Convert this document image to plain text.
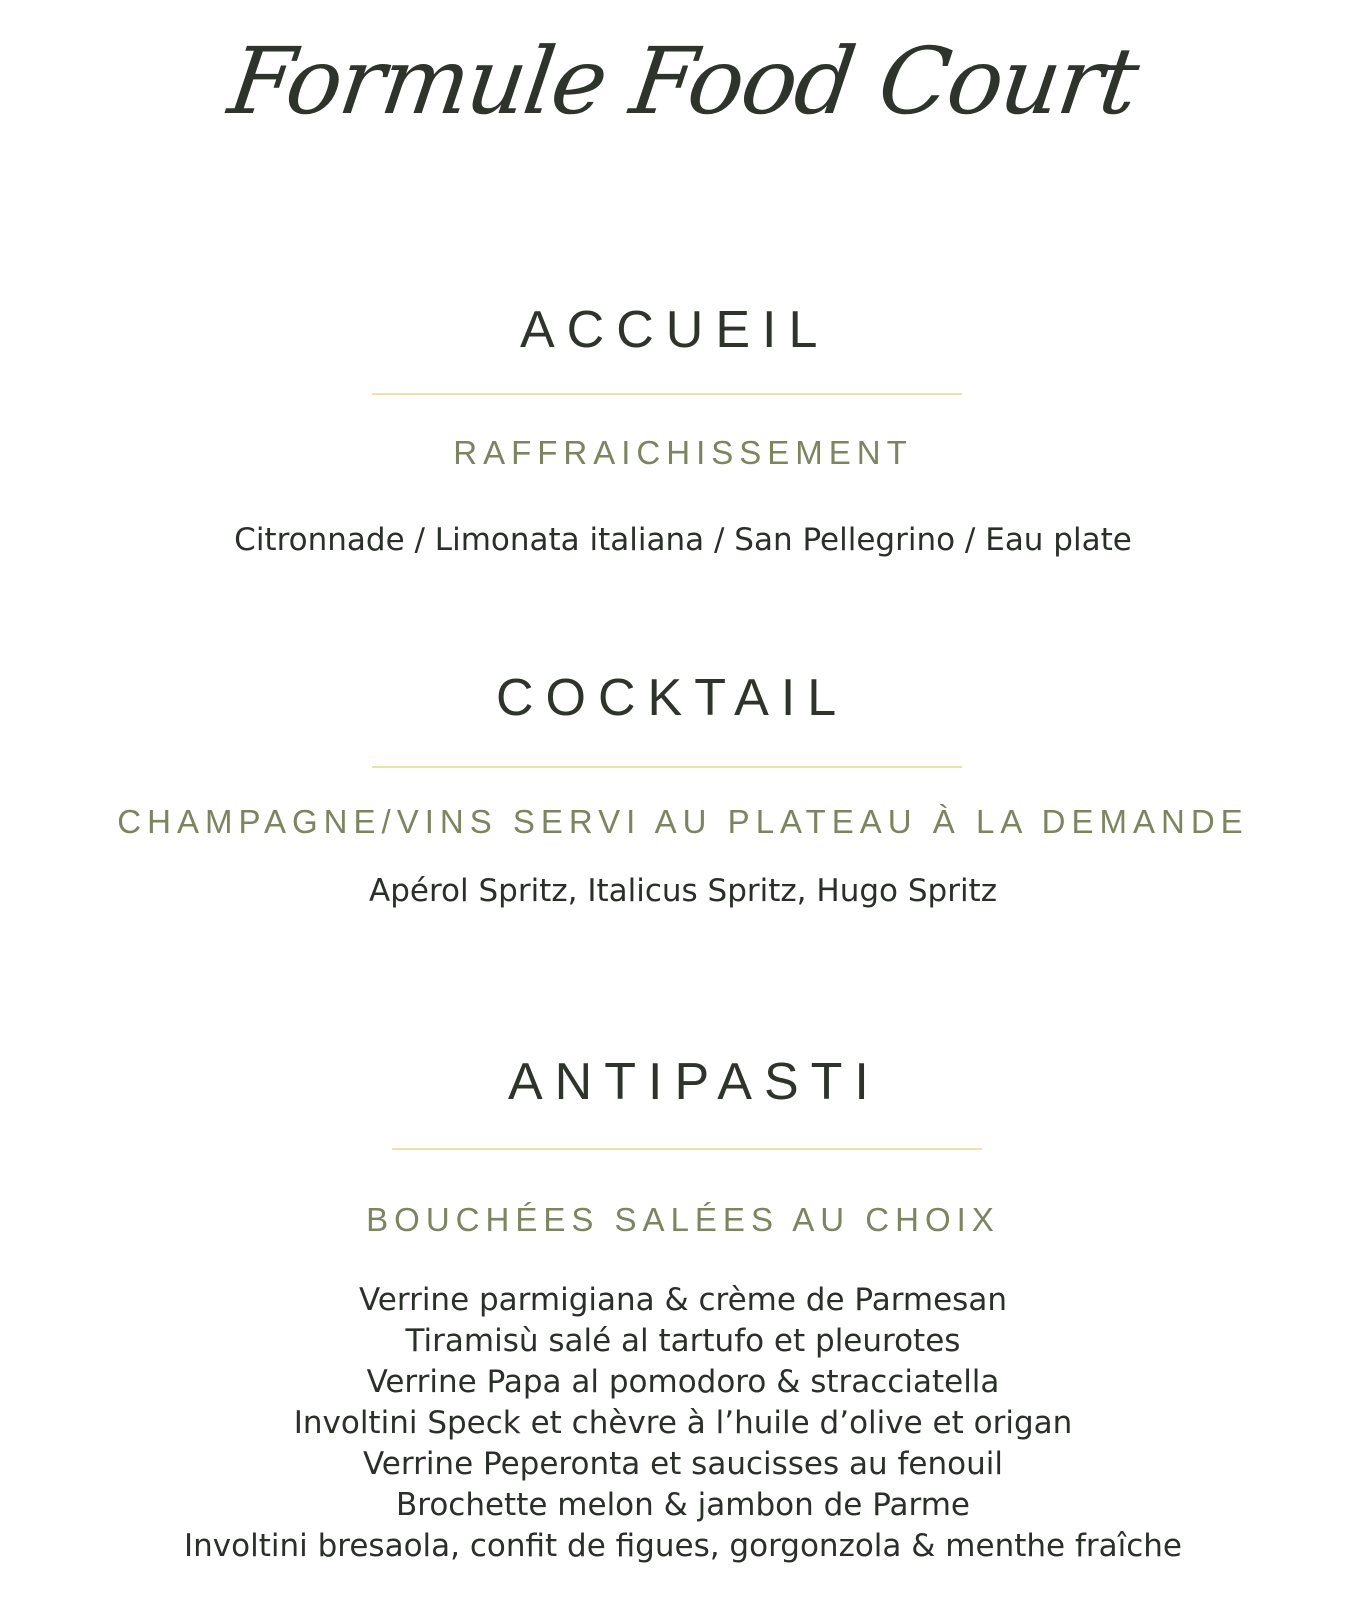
Formule Food Court
ACCUEIL
RAFFRAICHISSEMENT
Citronnade / Limonata italiana / San Pellegrino / Eau plate
COCKTAIL
CHAMPAGNE/VINS SERVI AU PLATEAU À LA DEMANDE
Apérol Spritz, Italicus Spritz, Hugo Spritz
ANTIPASTI
BOUCHÉES SALÉES AU CHOIX
Verrine parmigiana & crème de Parmesan
Tiramisù salé al tartufo et pleurotes
Verrine Papa al pomodoro & stracciatella
Involtini Speck et chèvre à l’huile d’olive et origan
Verrine Peperonta et saucisses au fenouil
Brochette melon & jambon de Parme
Involtini bresaola, confit de figues, gorgonzola & menthe fraîche
